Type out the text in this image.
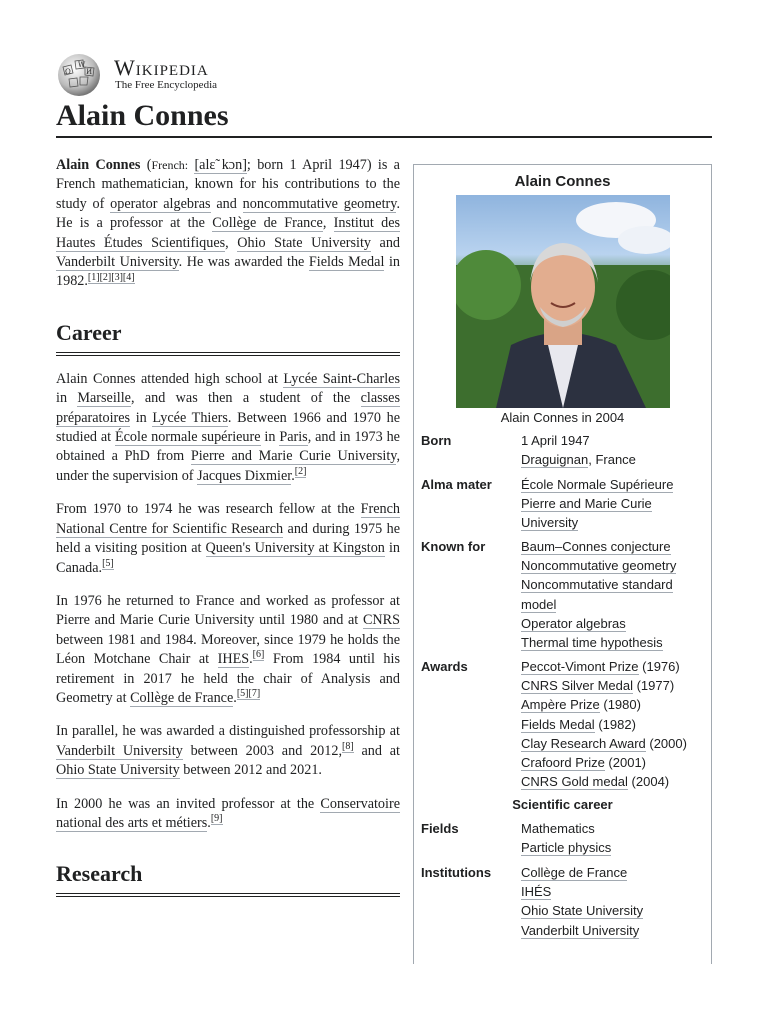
Ω
W
И Wikipedia
The Free Encyclopedia
Alain Connes

Alain Connes (French: [alɛ̃ kɔn]; born 1 April 1947) is a French mathematician, known for his contributions to the study of operator algebras and noncommutative geometry. He is a professor at the Collège de France, Institut des Hautes Études Scientifiques, Ohio State University and Vanderbilt University. He was awarded the Fields Medal in 1982.[1][2][3][4]

Career

Alain Connes attended high school at Lycée Saint-Charles in Marseille, and was then a student of the classes préparatoires in Lycée Thiers. Between 1966 and 1970 he studied at École normale supérieure in Paris, and in 1973 he obtained a PhD from Pierre and Marie Curie University, under the supervision of Jacques Dixmier.[2]

From 1970 to 1974 he was research fellow at the French National Centre for Scientific Research and during 1975 he held a visiting position at Queen's University at Kingston in Canada.[5]

In 1976 he returned to France and worked as professor at Pierre and Marie Curie University until 1980 and at CNRS between 1981 and 1984. Moreover, since 1979 he holds the Léon Motchane Chair at IHES.[6] From 1984 until his retirement in 2017 he held the chair of Analysis and Geometry at Collège de France.[5][7]

In parallel, he was awarded a distinguished professorship at Vanderbilt University between 2003 and 2012,[8] and at Ohio State University between 2012 and 2021.

In 2000 he was an invited professor at the Conservatoire national des arts et métiers.[9]

Research
Alain Connes
Alain Connes in 2004
Born	1 April 1947
Draguignan, France
Alma mater	École Normale Supérieure
Pierre and Marie Curie University
Known for	Baum–Connes conjecture
Noncommutative geometry
Noncommutative standard model
Operator algebras
Thermal time hypothesis
Awards	Peccot-Vimont Prize (1976)
CNRS Silver Medal (1977)
Ampère Prize (1980)
Fields Medal (1982)
Clay Research Award (2000)
Crafoord Prize (2001)
CNRS Gold medal (2004)
Scientific career
Fields	Mathematics
Particle physics
Institutions	Collège de France
IHÉS
Ohio State University
Vanderbilt University
